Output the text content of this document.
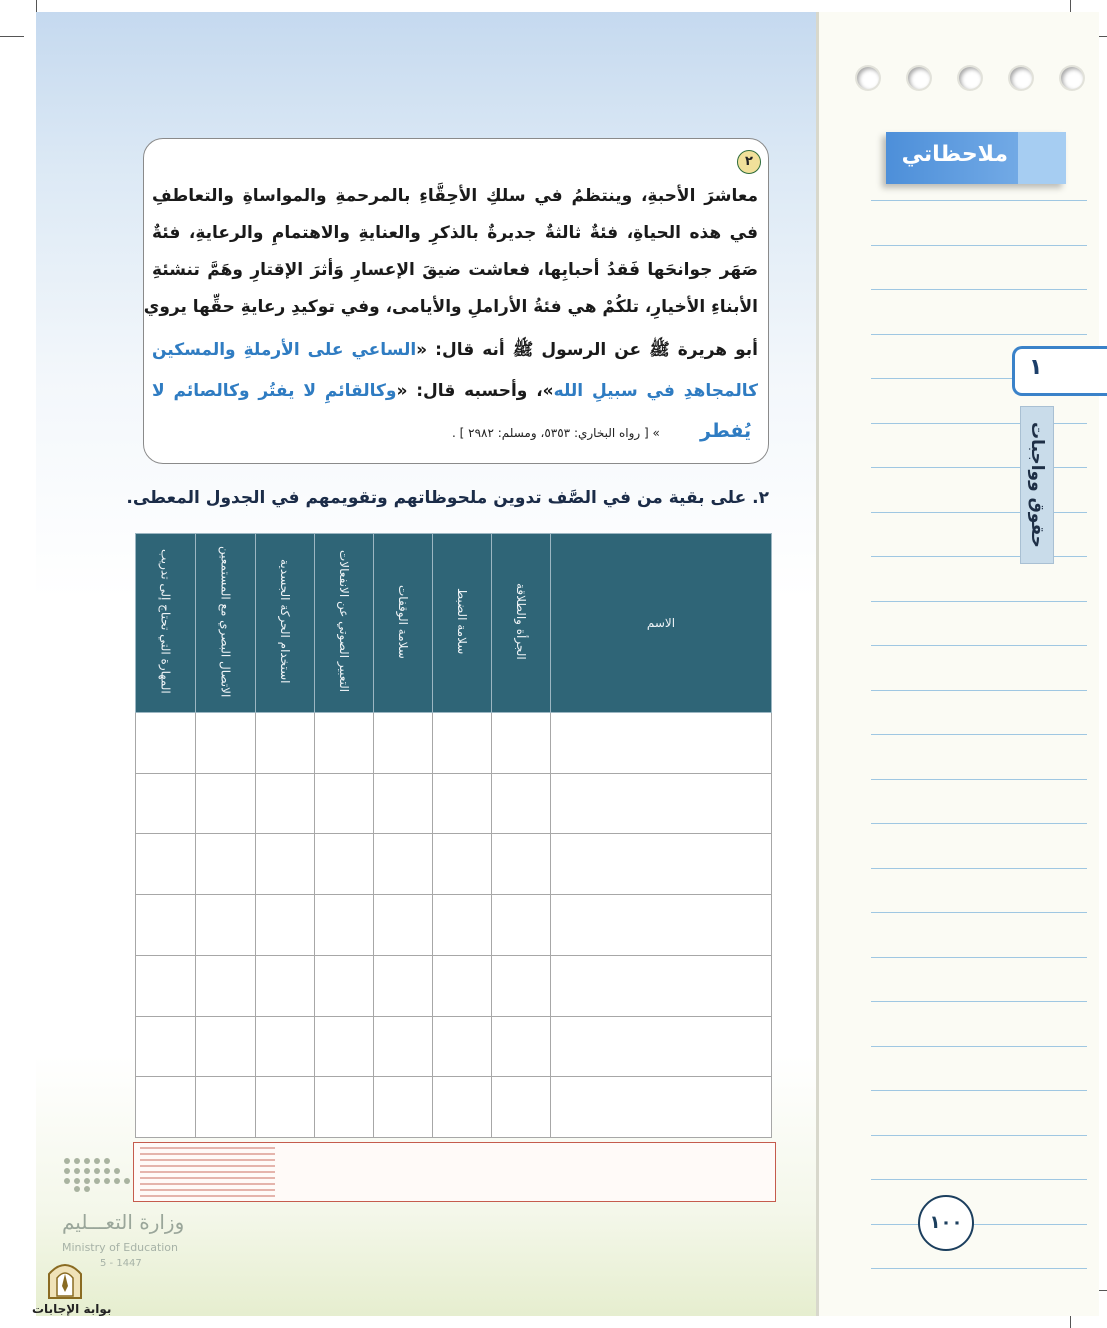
ملاحظاتي
١
حقوق وواجبات
٢
معاشرَ الأحبةِ، وينتظمُ في سلكِ الأحِقَّاءِ بالمرحمةِ والمواساةِ والتعاطفِ
في هذه الحياةِ، فئةٌ ثالثةٌ جديرةٌ بالذكرِ والعنايةِ والاهتمامِ والرعايةِ، فئةٌ
صَهَر جوانحَها فَقدُ أحبابِها، فعاشت ضيقَ الإعسارِ وَأثرَ الإقتارِ وهَمَّ تنشئةِ
الأبناءِ الأخيارِ، تلكُمْ هي فئةُ الأراملِ والأيامى، وفي توكيدِ رعايةِ حقِّها يروي
أبو هريرة ﷺ عن الرسول ﷺ أنه قال: «الساعي على الأرملةِ والمسكين
كالمجاهدِ في سبيلِ الله»، وأحسبه قال: «وكالقائمِ لا يفتُر وكالصائم لا
يُفطر
» [ رواه البخاري: ٥٣٥٣، ومسلم: ٢٩٨٢ ] .
٢. على بقية من في الصَّف تدوين ملحوظاتهم وتقويمهم في الجدول المعطى.
الاسم	الجرأة والطلاقة	سلامة الضبط	سلامة الوقفات	التعبير الصوتي عن الانفعالات	استخدام الحركة الجسدية	الاتصال البصري مع المستمعين	المهارة التي تحتاج إلى تدريب

وزارة التعـــليم
Ministry of Education
5 - 1447
بوابة الإجابات
١٠٠
